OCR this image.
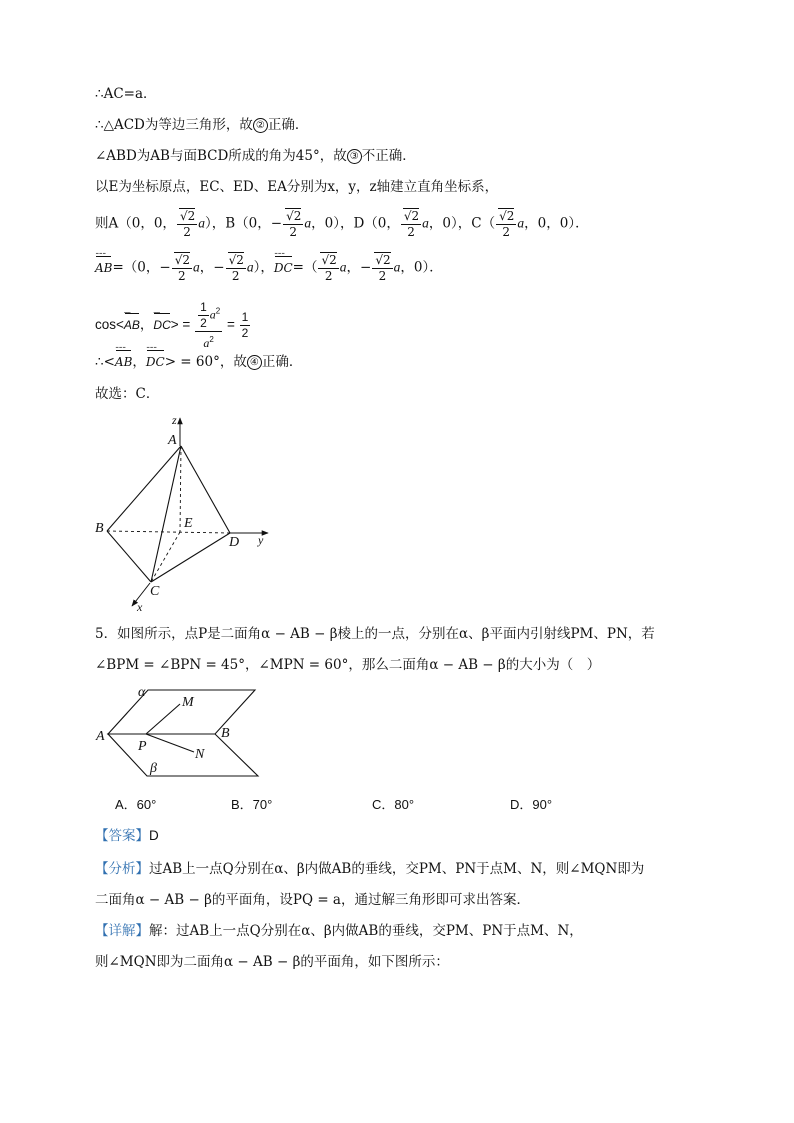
∴AC=a．
∴△ACD为等边三角形，故 ② 正确．
∠ABD为AB与面BCD所成的角为45°，故 ③ 不正确．
以E为坐标原点，EC、ED、EA分别为x，y，z轴建立直角坐标系，
则A（0，0， √ $\frac{2}{2} a$），B（0，− √ $\frac{2}{2}$ a，0），D（0， √ $\frac{2}{2}$ a，0），C（ √ $\frac{2}{2}$ a，0，0）．
AB ˉˉˉ=（0，− √ $\frac{2}{2}$ a，− √ $\frac{2}{2} a$），DC ˉˉˉ=（ √ $\frac{2}{2}$ a，− √ $\frac{2}{2}$ a，0）．
cos<AB ˉˉˉ，DC ˉˉˉ> = $\frac{\frac{1}{2} a^2}{a^2} = \frac{1}{2}$
∴<AB ˉˉˉ，DC ˉˉˉ> = 60°，故 ④ 正确．
故选：C．
z
A
B	E
D y
C
x
5．如图所示，点P是二面角α − AB − β棱上的一点，分别在α、β平面内引射线PM、PN，若
∠BPM = ∠BPN = 45°，∠MPN = 60°，那么二面角α − AB − β的大小为（　）
α
M
A
P
B
N
β
A．60°	B．70°	C．80°	D．90°
【答案】D
【分析】过AB上一点Q分别在α、β内做AB的垂线，交PM、PN于点M、N，则∠MQN即为
二面角α − AB − β的平面角，设PQ = a，通过解三角形即可求出答案．
【详解】解：过AB上一点Q分别在α、β内做AB的垂线，交PM、PN于点M、N，
则∠MQN即为二面角α − AB − β的平面角，如下图所示：
